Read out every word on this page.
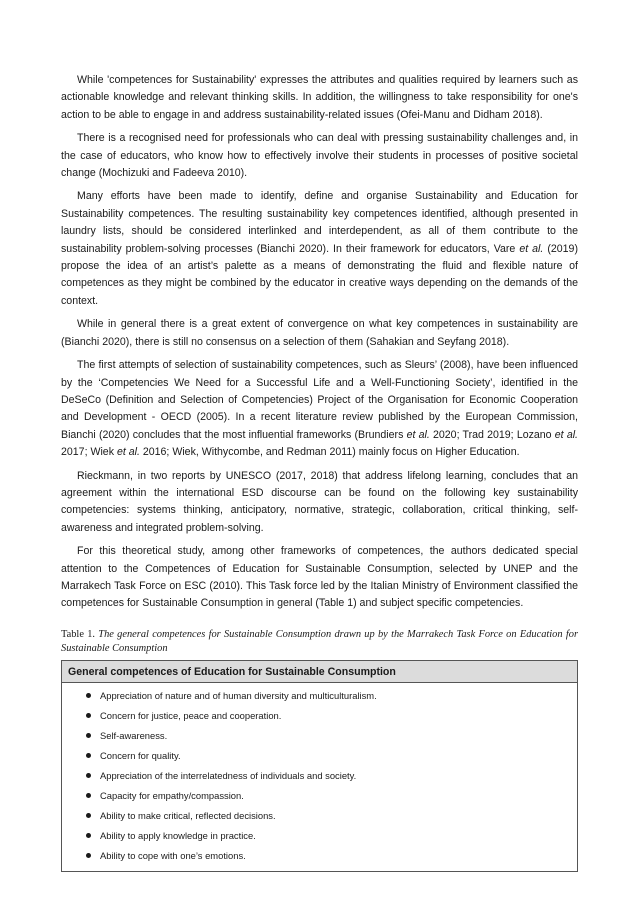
While 'competences for Sustainability' expresses the attributes and qualities required by learners such as actionable knowledge and relevant thinking skills. In addition, the willingness to take responsibility for one's action to be able to engage in and address sustainability-related issues (Ofei-Manu and Didham 2018).

There is a recognised need for professionals who can deal with pressing sustainability challenges and, in the case of educators, who know how to effectively involve their students in processes of positive societal change (Mochizuki and Fadeeva 2010).

Many efforts have been made to identify, define and organise Sustainability and Education for Sustainability competences. The resulting sustainability key competences identified, although presented in laundry lists, should be considered interlinked and interdependent, as all of them contribute to the sustainability problem-solving processes (Bianchi 2020). In their framework for educators, Vare et al. (2019) propose the idea of an artist’s palette as a means of demonstrating the fluid and flexible nature of competences as they might be combined by the educator in creative ways depending on the demands of the context.

While in general there is a great extent of convergence on what key competences in sustainability are (Bianchi 2020), there is still no consensus on a selection of them (Sahakian and Seyfang 2018).

The first attempts of selection of sustainability competences, such as Sleurs’ (2008), have been influenced by the ‘Competencies We Need for a Successful Life and a Well-Functioning Society’, identified in the DeSeCo (Definition and Selection of Competencies) Project of the Organisation for Economic Cooperation and Development - OECD (2005). In a recent literature review published by the European Commission, Bianchi (2020) concludes that the most influential frameworks (Brundiers et al. 2020; Trad 2019; Lozano et al. 2017; Wiek et al. 2016; Wiek, Withycombe, and Redman 2011) mainly focus on Higher Education.

Rieckmann, in two reports by UNESCO (2017, 2018) that address lifelong learning, concludes that an agreement within the international ESD discourse can be found on the following key sustainability competencies: systems thinking, anticipatory, normative, strategic, collaboration, critical thinking, self-awareness and integrated problem-solving.

For this theoretical study, among other frameworks of competences, the authors dedicated special attention to the Competences of Education for Sustainable Consumption, selected by UNEP and the Marrakech Task Force on ESC (2010). This Task force led by the Italian Ministry of Environment classified the competences for Sustainable Consumption in general (Table 1) and subject specific competencies.

Table 1. The general competences for Sustainable Consumption drawn up by the Marrakech Task Force on Education for Sustainable Consumption

General competences of Education for Sustainable Consumption
Appreciation of nature and of human diversity and multiculturalism.
Concern for justice, peace and cooperation.
Self-awareness.
Concern for quality.
Appreciation of the interrelatedness of individuals and society.
Capacity for empathy/compassion.
Ability to make critical, reflected decisions.
Ability to apply knowledge in practice.
Ability to cope with one’s emotions.
